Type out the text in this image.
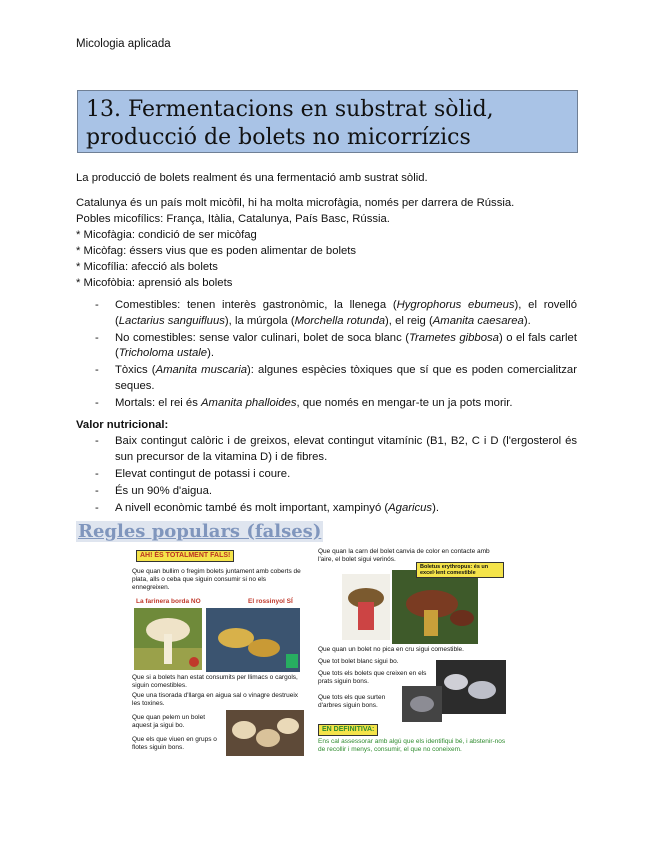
Micologia aplicada
13. Fermentacions en substrat sòlid,
producció de bolets no micorrízics
La producció de bolets realment és una fermentació amb sustrat sòlid.
Catalunya és un país molt micòfil, hi ha molta microfàgia, només per darrera de Rússia.
Pobles micofílics: França, Itàlia, Catalunya, País Basc, Rússia.
* Micofàgia: condició de ser micòfag
* Micòfag: éssers vius que es poden alimentar de bolets
* Micofília: afecció als bolets
* Micofòbia: aprensió als bolets
- Comestibles: tenen interès gastronòmic, la llenega (Hygrophorus ebumeus), el rovelló (Lactarius sanguifluus), la múrgola (Morchella rotunda), el reig (Amanita caesarea).
- No comestibles: sense valor culinari, bolet de soca blanc (Trametes gibbosa) o el fals carlet (Tricholoma ustale).
- Tòxics (Amanita muscaria): algunes espècies tòxiques que sí que es poden comercialitzar seques.
- Mortals: el rei és Amanita phalloides, que només en mengar-te un ja pots morir.
Valor nutricional:
- Baix contingut calòric i de greixos, elevat contingut vitamínic (B1, B2, C i D (l'ergosterol és sun precursor de la vitamina D) i de fibres.
- Elevat contingut de potassi i coure.
- És un 90% d'aigua.
- A nivell econòmic també és molt important, xampinyó (Agaricus).
Regles populars (falses)
AH! ÉS TOTALMENT FALS!
Que quan bullim o fregim bolets juntament amb coberts de plata, alls o ceba que siguin consumir si no els ennegreixen.
La farinera borda NO	El rossinyol SÍ
Que si a bolets han estat consumits per llimacs o cargols, siguin comestibles.
Que una tisorada d'llarga en aigua sal o vinagre destrueix les toxines.
Que quan pelem un bolet aquest ja sigui bo.
Que els que viuen en grups o flotes siguin bons.
Que quan la carn del bolet canvia de color en contacte amb l'aire, el bolet sigui verinós.
Boletus erythropus: és un excel·lent comestible
Que quan un bolet no pica en cru sigui comestible.
Que tot bolet blanc sigui bo.
Que tots els bolets que creixen en els prats siguin bons.
Que tots els que surten d'arbres siguin bons.
EN DEFINITIVA:
Ens cal assessorar amb algú que els identifiqui bé, i abstenir-nos de recollir i menys, consumir, el que no coneixem.
